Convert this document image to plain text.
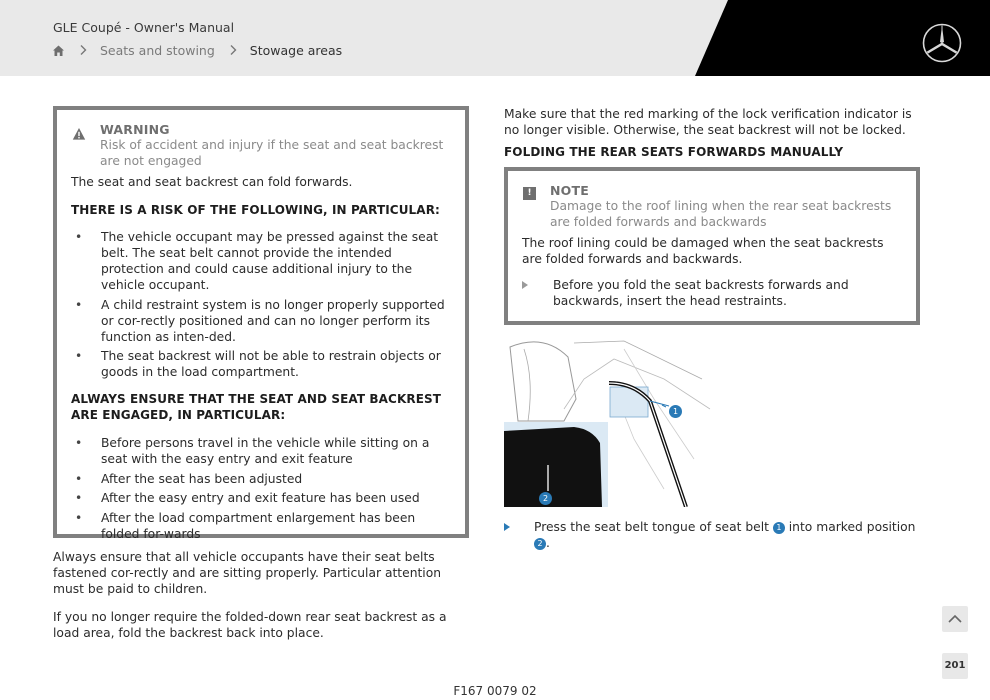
GLE Coupé - Owner's Manual
Seats and stowing	Stowage areas
WARNING
Risk of accident and injury if the seat and seat backrest are not engaged

The seat and seat backrest can fold forwards.

THERE IS A RISK OF THE FOLLOWING, IN PARTICULAR:

• The vehicle occupant may be pressed against the seat belt. The seat belt cannot provide the intended protection and could cause additional injury to the vehicle occupant.
• A child restraint system is no longer properly supported or cor-rectly positioned and can no longer perform its function as inten-ded.
• The seat backrest will not be able to restrain objects or goods in the load compartment.

ALWAYS ENSURE THAT THE SEAT AND SEAT BACKREST ARE ENGAGED, IN PARTICULAR:

• Before persons travel in the vehicle while sitting on a seat with the easy entry and exit feature
• After the seat has been adjusted
• After the easy entry and exit feature has been used
• After the load compartment enlargement has been folded for-wards

Always ensure that all vehicle occupants have their seat belts fastened cor-rectly and are sitting properly. Particular attention must be paid to children.

If you no longer require the folded-down rear seat backrest as a load area, fold the backrest back into place.

Make sure that the red marking of the lock verification indicator is no longer visible. Otherwise, the seat backrest will not be locked.

FOLDING THE REAR SEATS FORWARDS MANUALLY

!	NOTE
Damage to the roof lining when the rear seat backrests are folded forwards and backwards

The roof lining could be damaged when the seat backrests are folded forwards and backwards.

Before you fold the seat backrests forwards and backwards, insert the head restraints.

1
2

Press the seat belt tongue of seat belt 1 into marked position 2 .

201
F167 0079 02
